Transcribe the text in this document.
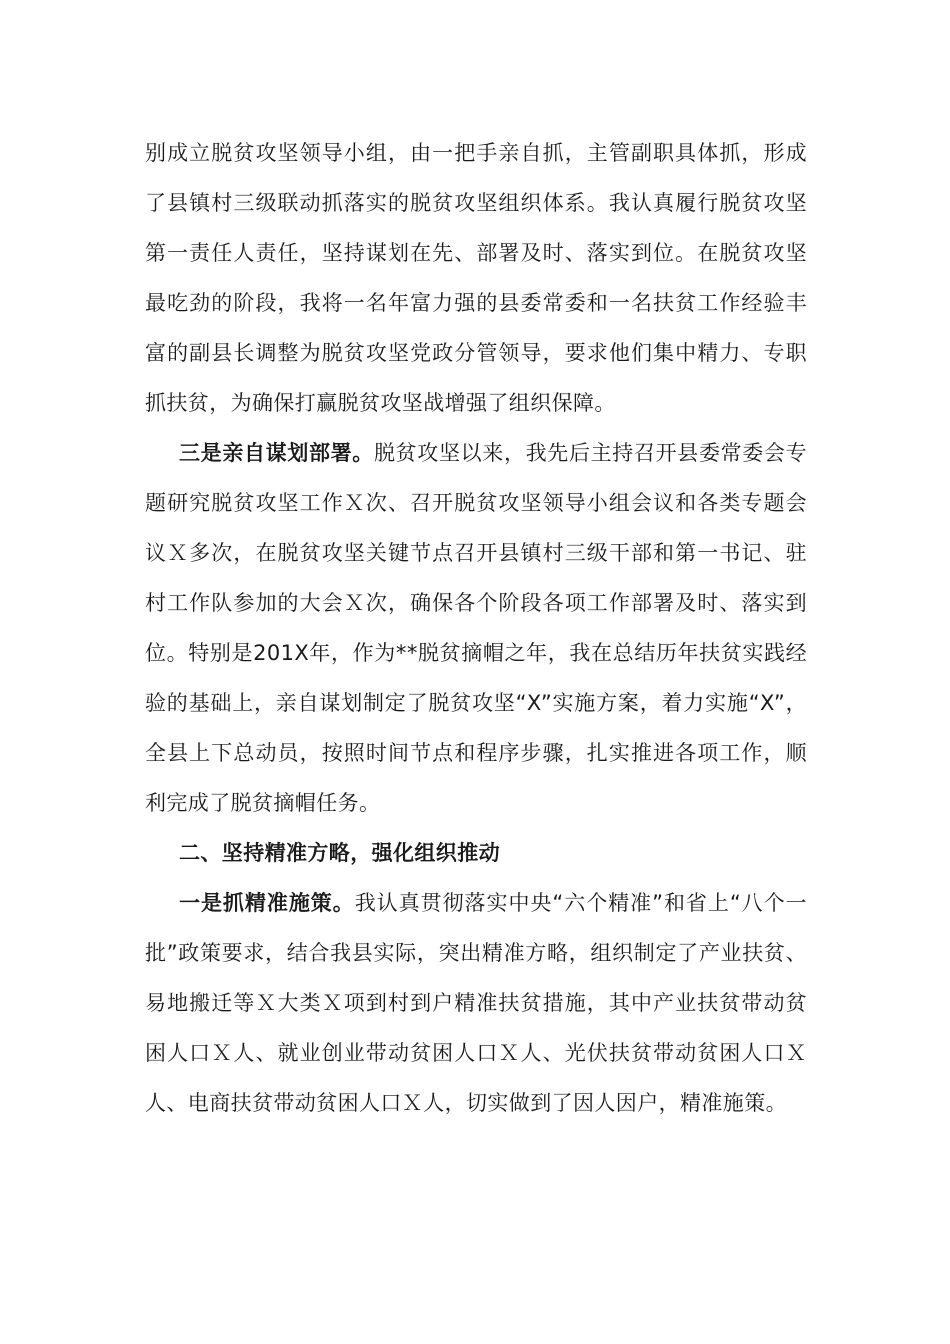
别成立脱贫攻坚领导小组，由一把手亲自抓，主管副职具体抓，形成了县镇村三级联动抓落实的脱贫攻坚组织体系。我认真履行脱贫攻坚第一责任人责任，坚持谋划在先、部署及时、落实到位。在脱贫攻坚最吃劲的阶段，我将一名年富力强的县委常委和一名扶贫工作经验丰富的副县长调整为脱贫攻坚党政分管领导，要求他们集中精力、专职抓扶贫，为确保打赢脱贫攻坚战增强了组织保障。

三是亲自谋划部署。脱贫攻坚以来，我先后主持召开县委常委会专题研究脱贫攻坚工作Ｘ次、召开脱贫攻坚领导小组会议和各类专题会议Ｘ多次，在脱贫攻坚关键节点召开县镇村三级干部和第一书记、驻村工作队参加的大会Ｘ次，确保各个阶段各项工作部署及时、落实到位。特别是201X年，作为**脱贫摘帽之年，我在总结历年扶贫实践经验的基础上，亲自谋划制定了脱贫攻坚“X”实施方案，着力实施“X”，全县上下总动员，按照时间节点和程序步骤，扎实推进各项工作，顺利完成了脱贫摘帽任务。

二、坚持精准方略，强化组织推动

一是抓精准施策。我认真贯彻落实中央“六个精准”和省上“八个一批”政策要求，结合我县实际，突出精准方略，组织制定了产业扶贫、易地搬迁等Ｘ大类Ｘ项到村到户精准扶贫措施，其中产业扶贫带动贫困人口Ｘ人、就业创业带动贫困人口Ｘ人、光伏扶贫带动贫困人口Ｘ人、电商扶贫带动贫困人口Ｘ人，切实做到了因人因户，精准施策。
